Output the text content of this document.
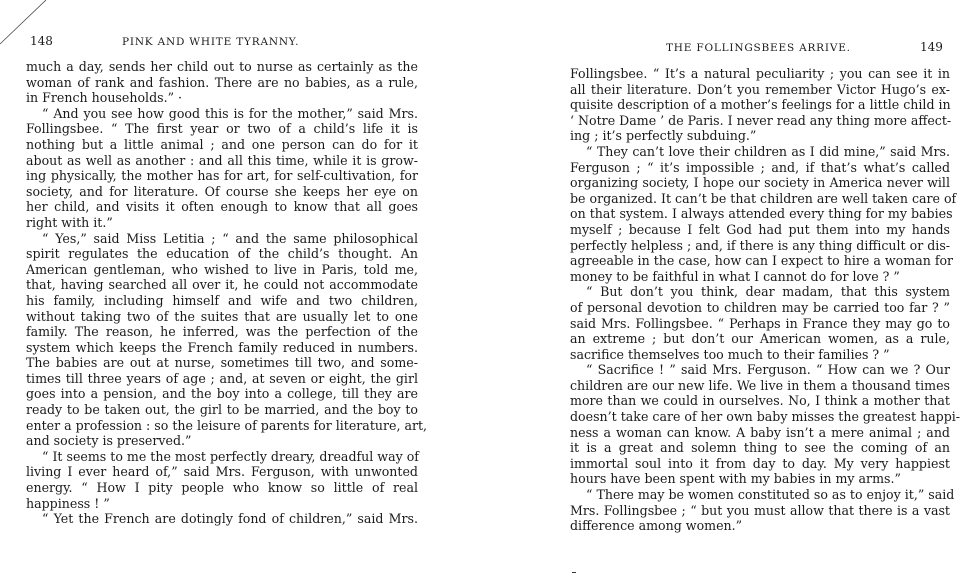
148	PINK AND WHITE TYRANNY.
much a day, sends her child out to nurse as certainly as the
woman of rank and fashion. There are no babies, as a rule,
in French households.” ·
“ And you see how good this is for the mother,” said Mrs.
Follingsbee. “ The first year or two of a child’s life it is
nothing but a little animal ; and one person can do for it
about as well as another : and all this time, while it is grow-
ing physically, the mother has for art, for self-cultivation, for
society, and for literature. Of course she keeps her eye on
her child, and visits it often enough to know that all goes
right with it.”
“ Yes,” said Miss Letitia ; “ and the same philosophical
spirit regulates the education of the child’s thought. An
American gentleman, who wished to live in Paris, told me,
that, having searched all over it, he could not accommodate
his family, including himself and wife and two children,
without taking two of the suites that are usually let to one
family. The reason, he inferred, was the perfection of the
system which keeps the French family reduced in numbers.
The babies are out at nurse, sometimes till two, and some-
times till three years of age ; and, at seven or eight, the girl
goes into a pension, and the boy into a college, till they are
ready to be taken out, the girl to be married, and the boy to
enter a profession : so the leisure of parents for literature, art,
and society is preserved.”
“ It seems to me the most perfectly dreary, dreadful way of
living I ever heard of,” said Mrs. Ferguson, with unwonted
energy. “ How I pity people who know so little of real
happiness ! ”
“ Yet the French are dotingly fond of children,” said Mrs.
THE FOLLINGSBEES ARRIVE.	149
Follingsbee. “ It’s a natural peculiarity ; you can see it in
all their literature. Don’t you remember Victor Hugo’s ex-
quisite description of a mother’s feelings for a little child in
‘ Notre Dame ’ de Paris. I never read any thing more affect-
ing ; it’s perfectly subduing.”
“ They can’t love their children as I did mine,” said Mrs.
Ferguson ; “ it’s impossible ; and, if that’s what’s called
organizing society, I hope our society in America never will
be organized. It can’t be that children are well taken care of
on that system. I always attended every thing for my babies
myself ; because I felt God had put them into my hands
perfectly helpless ; and, if there is any thing difficult or dis-
agreeable in the case, how can I expect to hire a woman for
money to be faithful in what I cannot do for love ? ”
“ But don’t you think, dear madam, that this system
of personal devotion to children may be carried too far ? ”
said Mrs. Follingsbee. “ Perhaps in France they may go to
an extreme ; but don’t our American women, as a rule,
sacrifice themselves too much to their families ? ”
“ Sacrifice ! ” said Mrs. Ferguson. “ How can we ? Our
children are our new life. We live in them a thousand times
more than we could in ourselves. No, I think a mother that
doesn’t take care of her own baby misses the greatest happi-
ness a woman can know. A baby isn’t a mere animal ; and
it is a great and solemn thing to see the coming of an
immortal soul into it from day to day. My very happiest
hours have been spent with my babies in my arms.”
“ There may be women constituted so as to enjoy it,” said
Mrs. Follingsbee ; “ but you must allow that there is a vast
difference among women.”
